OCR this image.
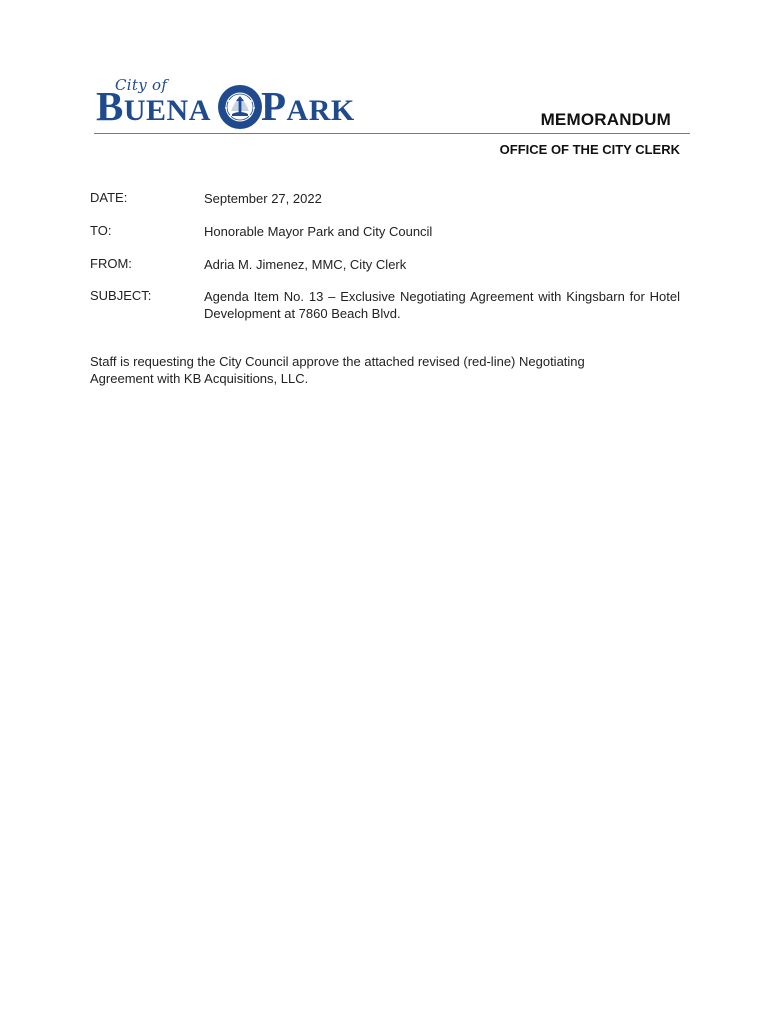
City of
BUENA PARK	MEMORANDUM
OFFICE OF THE CITY CLERK
DATE:	September 27, 2022
TO:	Honorable Mayor Park and City Council
FROM:	Adria M. Jimenez, MMC, City Clerk
SUBJECT:	Agenda Item No. 13 – Exclusive Negotiating Agreement with Kingsbarn for Hotel Development at 7860 Beach Blvd.
Staff is requesting the City Council approve the attached revised (red-line) Negotiating Agreement with KB Acquisitions, LLC.
